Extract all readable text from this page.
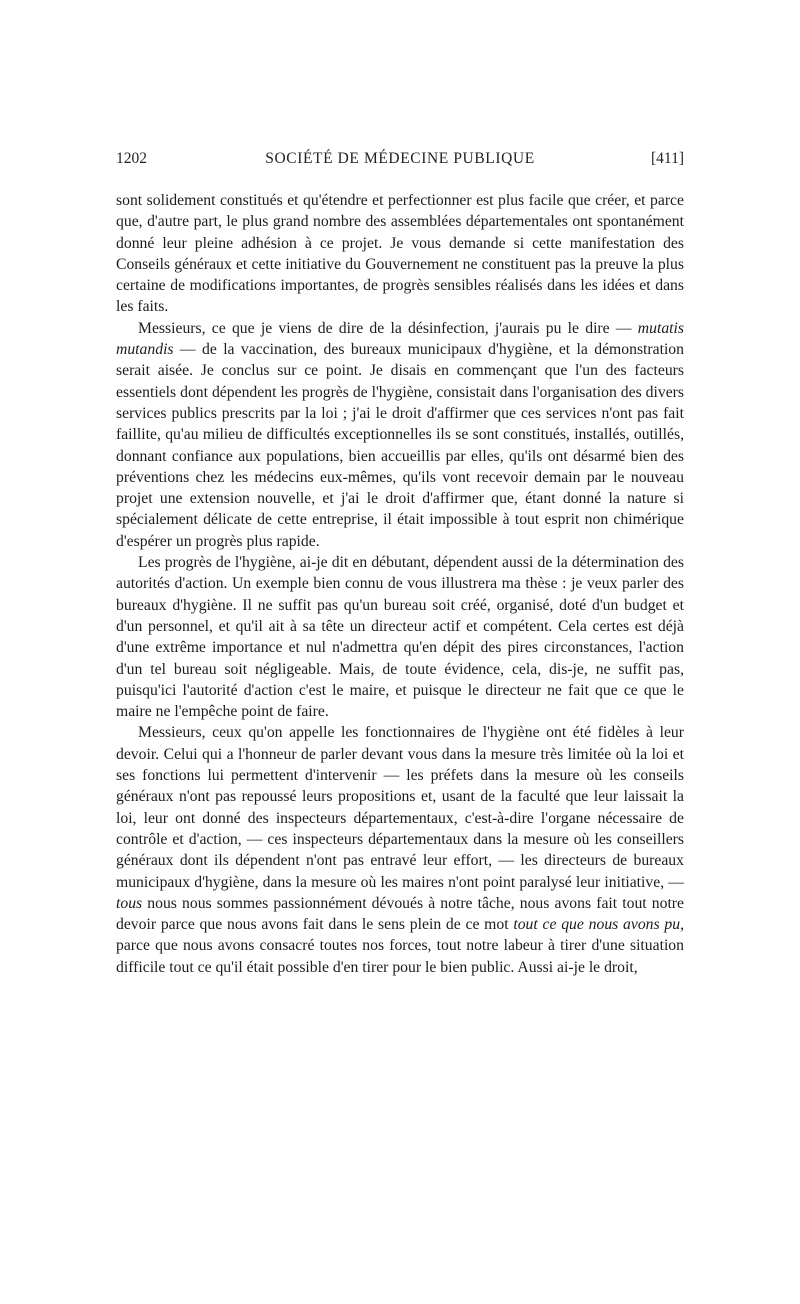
1202	SOCIÉTÉ DE MÉDECINE PUBLIQUE	[411]

sont solidement constitués et qu'étendre et perfectionner est plus facile que créer, et parce que, d'autre part, le plus grand nombre des assemblées départementales ont spontanément donné leur pleine adhésion à ce projet. Je vous demande si cette manifestation des Conseils généraux et cette initiative du Gouvernement ne constituent pas la preuve la plus certaine de modifications importantes, de progrès sensibles réalisés dans les idées et dans les faits.

Messieurs, ce que je viens de dire de la désinfection, j'aurais pu le dire — mutatis mutandis — de la vaccination, des bureaux municipaux d'hygiène, et la démonstration serait aisée. Je conclus sur ce point. Je disais en commençant que l'un des facteurs essentiels dont dépendent les progrès de l'hygiène, consistait dans l'organisation des divers services publics prescrits par la loi ; j'ai le droit d'affirmer que ces services n'ont pas fait faillite, qu'au milieu de difficultés exceptionnelles ils se sont constitués, installés, outillés, donnant confiance aux populations, bien accueillis par elles, qu'ils ont désarmé bien des préventions chez les médecins eux-mêmes, qu'ils vont recevoir demain par le nouveau projet une extension nouvelle, et j'ai le droit d'affirmer que, étant donné la nature si spécialement délicate de cette entreprise, il était impossible à tout esprit non chimérique d'espérer un progrès plus rapide.

Les progrès de l'hygiène, ai-je dit en débutant, dépendent aussi de la détermination des autorités d'action. Un exemple bien connu de vous illustrera ma thèse : je veux parler des bureaux d'hygiène. Il ne suffit pas qu'un bureau soit créé, organisé, doté d'un budget et d'un personnel, et qu'il ait à sa tête un directeur actif et compétent. Cela certes est déjà d'une extrême importance et nul n'admettra qu'en dépit des pires circonstances, l'action d'un tel bureau soit négligeable. Mais, de toute évidence, cela, dis-je, ne suffit pas, puisqu'ici l'autorité d'action c'est le maire, et puisque le directeur ne fait que ce que le maire ne l'empêche point de faire.

Messieurs, ceux qu'on appelle les fonctionnaires de l'hygiène ont été fidèles à leur devoir. Celui qui a l'honneur de parler devant vous dans la mesure très limitée où la loi et ses fonctions lui permettent d'intervenir — les préfets dans la mesure où les conseils généraux n'ont pas repoussé leurs propositions et, usant de la faculté que leur laissait la loi, leur ont donné des inspecteurs départementaux, c'est-à-dire l'organe nécessaire de contrôle et d'action, — ces inspecteurs départementaux dans la mesure où les conseillers généraux dont ils dépendent n'ont pas entravé leur effort, — les directeurs de bureaux municipaux d'hygiène, dans la mesure où les maires n'ont point paralysé leur initiative, — tous nous nous sommes passionnément dévoués à notre tâche, nous avons fait tout notre devoir parce que nous avons fait dans le sens plein de ce mot tout ce que nous avons pu, parce que nous avons consacré toutes nos forces, tout notre labeur à tirer d'une situation difficile tout ce qu'il était possible d'en tirer pour le bien public. Aussi ai-je le droit,
